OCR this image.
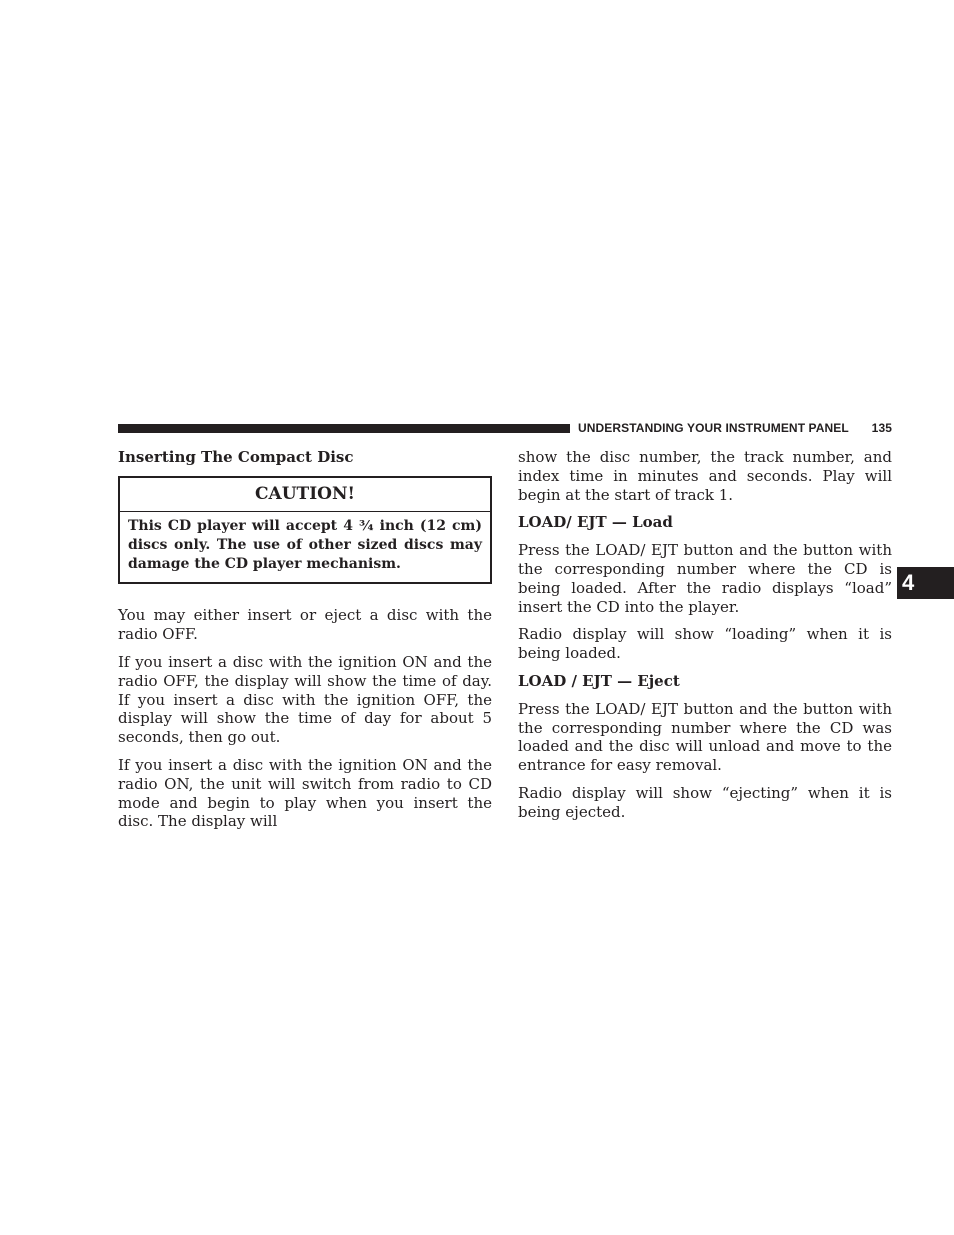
UNDERSTANDING YOUR INSTRUMENT PANEL 135

Inserting The Compact Disc

CAUTION!
This CD player will accept 4 ¾ inch (12 cm) discs only. The use of other sized discs may damage the CD player mechanism.

You may either insert or eject a disc with the radio OFF.

If you insert a disc with the ignition ON and the radio OFF, the display will show the time of day. If you insert a disc with the ignition OFF, the display will show the time of day for about 5 seconds, then go out.

If you insert a disc with the ignition ON and the radio ON, the unit will switch from radio to CD mode and begin to play when you insert the disc. The display will

show the disc number, the track number, and index time in minutes and seconds. Play will begin at the start of track 1.

LOAD/ EJT — Load

Press the LOAD/ EJT button and the button with the corresponding number where the CD is being loaded. After the radio displays “load” insert the CD into the player.

Radio display will show “loading” when it is being loaded.

LOAD / EJT — Eject

Press the LOAD/ EJT button and the button with the corresponding number where the CD was loaded and the disc will unload and move to the entrance for easy removal.

Radio display will show “ejecting” when it is being ejected.

4
